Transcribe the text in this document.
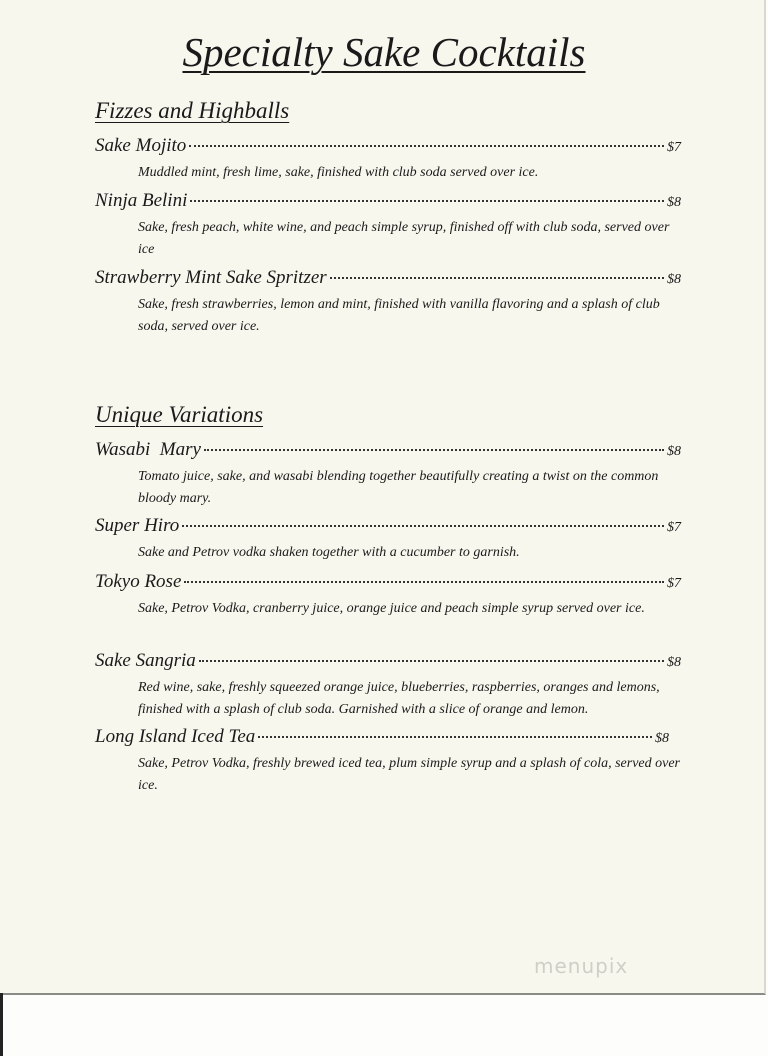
Specialty Sake Cocktails
Fizzes and Highballs
Sake Mojito	$7
Muddled mint, fresh lime, sake, finished with club soda served over ice.
Ninja Belini	$8
Sake, fresh peach, white wine, and peach simple syrup, finished off with club soda, served over ice
Strawberry Mint Sake Spritzer	$8
Sake, fresh strawberries, lemon and mint, finished with vanilla flavoring and a splash of club soda, served over ice.
Unique Variations
Wasabi  Mary	$8
Tomato juice, sake, and wasabi blending together beautifully creating a twist on the common bloody mary.
Super Hiro	$7
Sake and Petrov vodka shaken together with a cucumber to garnish.
Tokyo Rose	$7
Sake, Petrov Vodka, cranberry juice, orange juice and peach simple syrup served over ice.
Sake Sangria	$8
Red wine, sake, freshly squeezed orange juice, blueberries, raspberries, oranges and lemons, finished with a splash of club soda. Garnished with a slice of orange and lemon.
Long Island Iced Tea	$8
Sake, Petrov Vodka, freshly brewed iced tea, plum simple syrup and a splash of cola, served over ice.
menupix
